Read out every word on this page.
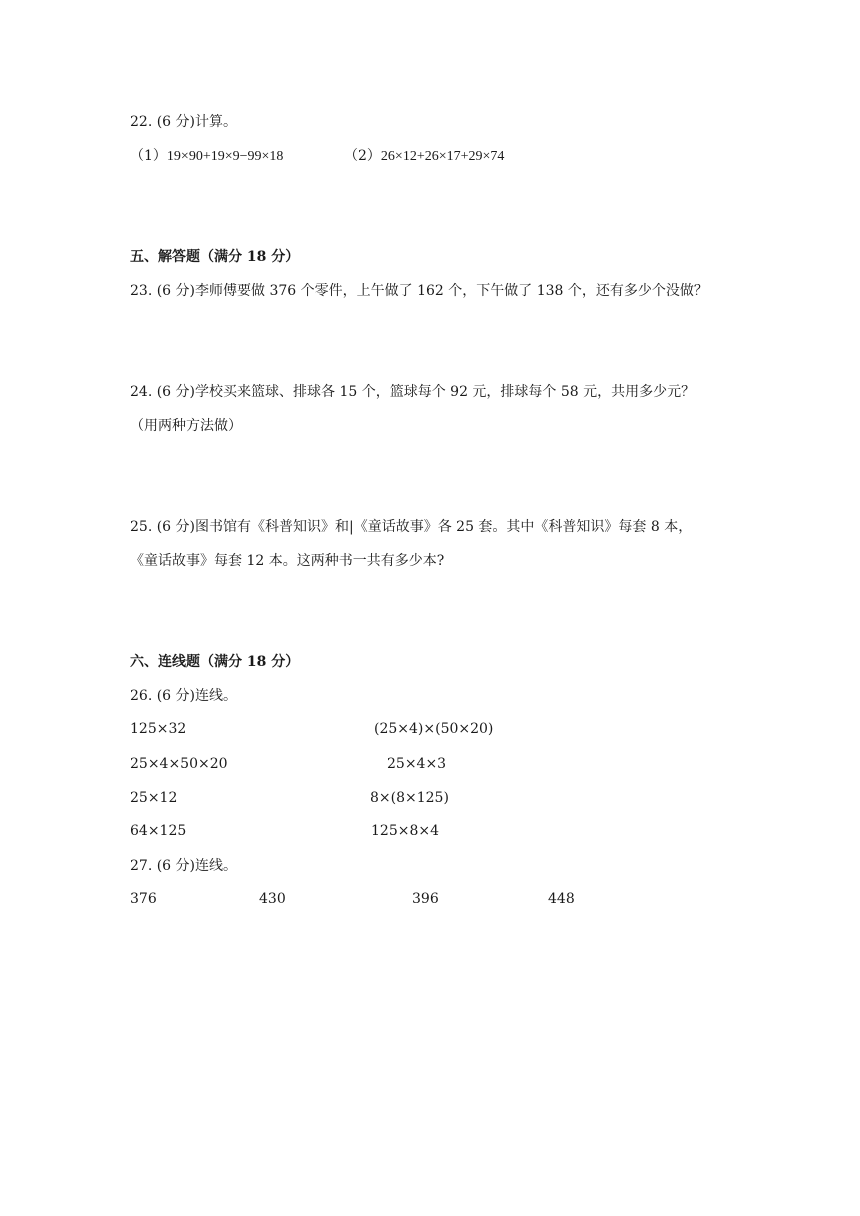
22. (6 分)计算。
（1）19×90+19×9−99×18	（2）26×12+26×17+29×74
五、解答题（满分 18 分）
23. (6 分)李师傅要做 376 个零件，上午做了 162 个，下午做了 138 个，还有多少个没做？
24. (6 分)学校买来篮球、排球各 15 个，篮球每个 92 元，排球每个 58 元，共用多少元？
（用两种方法做）
25. (6 分)图书馆有《科普知识》和|《童话故事》各 25 套。其中《科普知识》每套 8 本，
《童话故事》每套 12 本。这两种书一共有多少本?
六、连线题（满分 18 分）
26. (6 分)连线。
125×32	(25×4)×(50×20)
25×4×50×20	25×4×3
25×12	8×(8×125)
64×125	125×8×4
27. (6 分)连线。
376	430	396	448
